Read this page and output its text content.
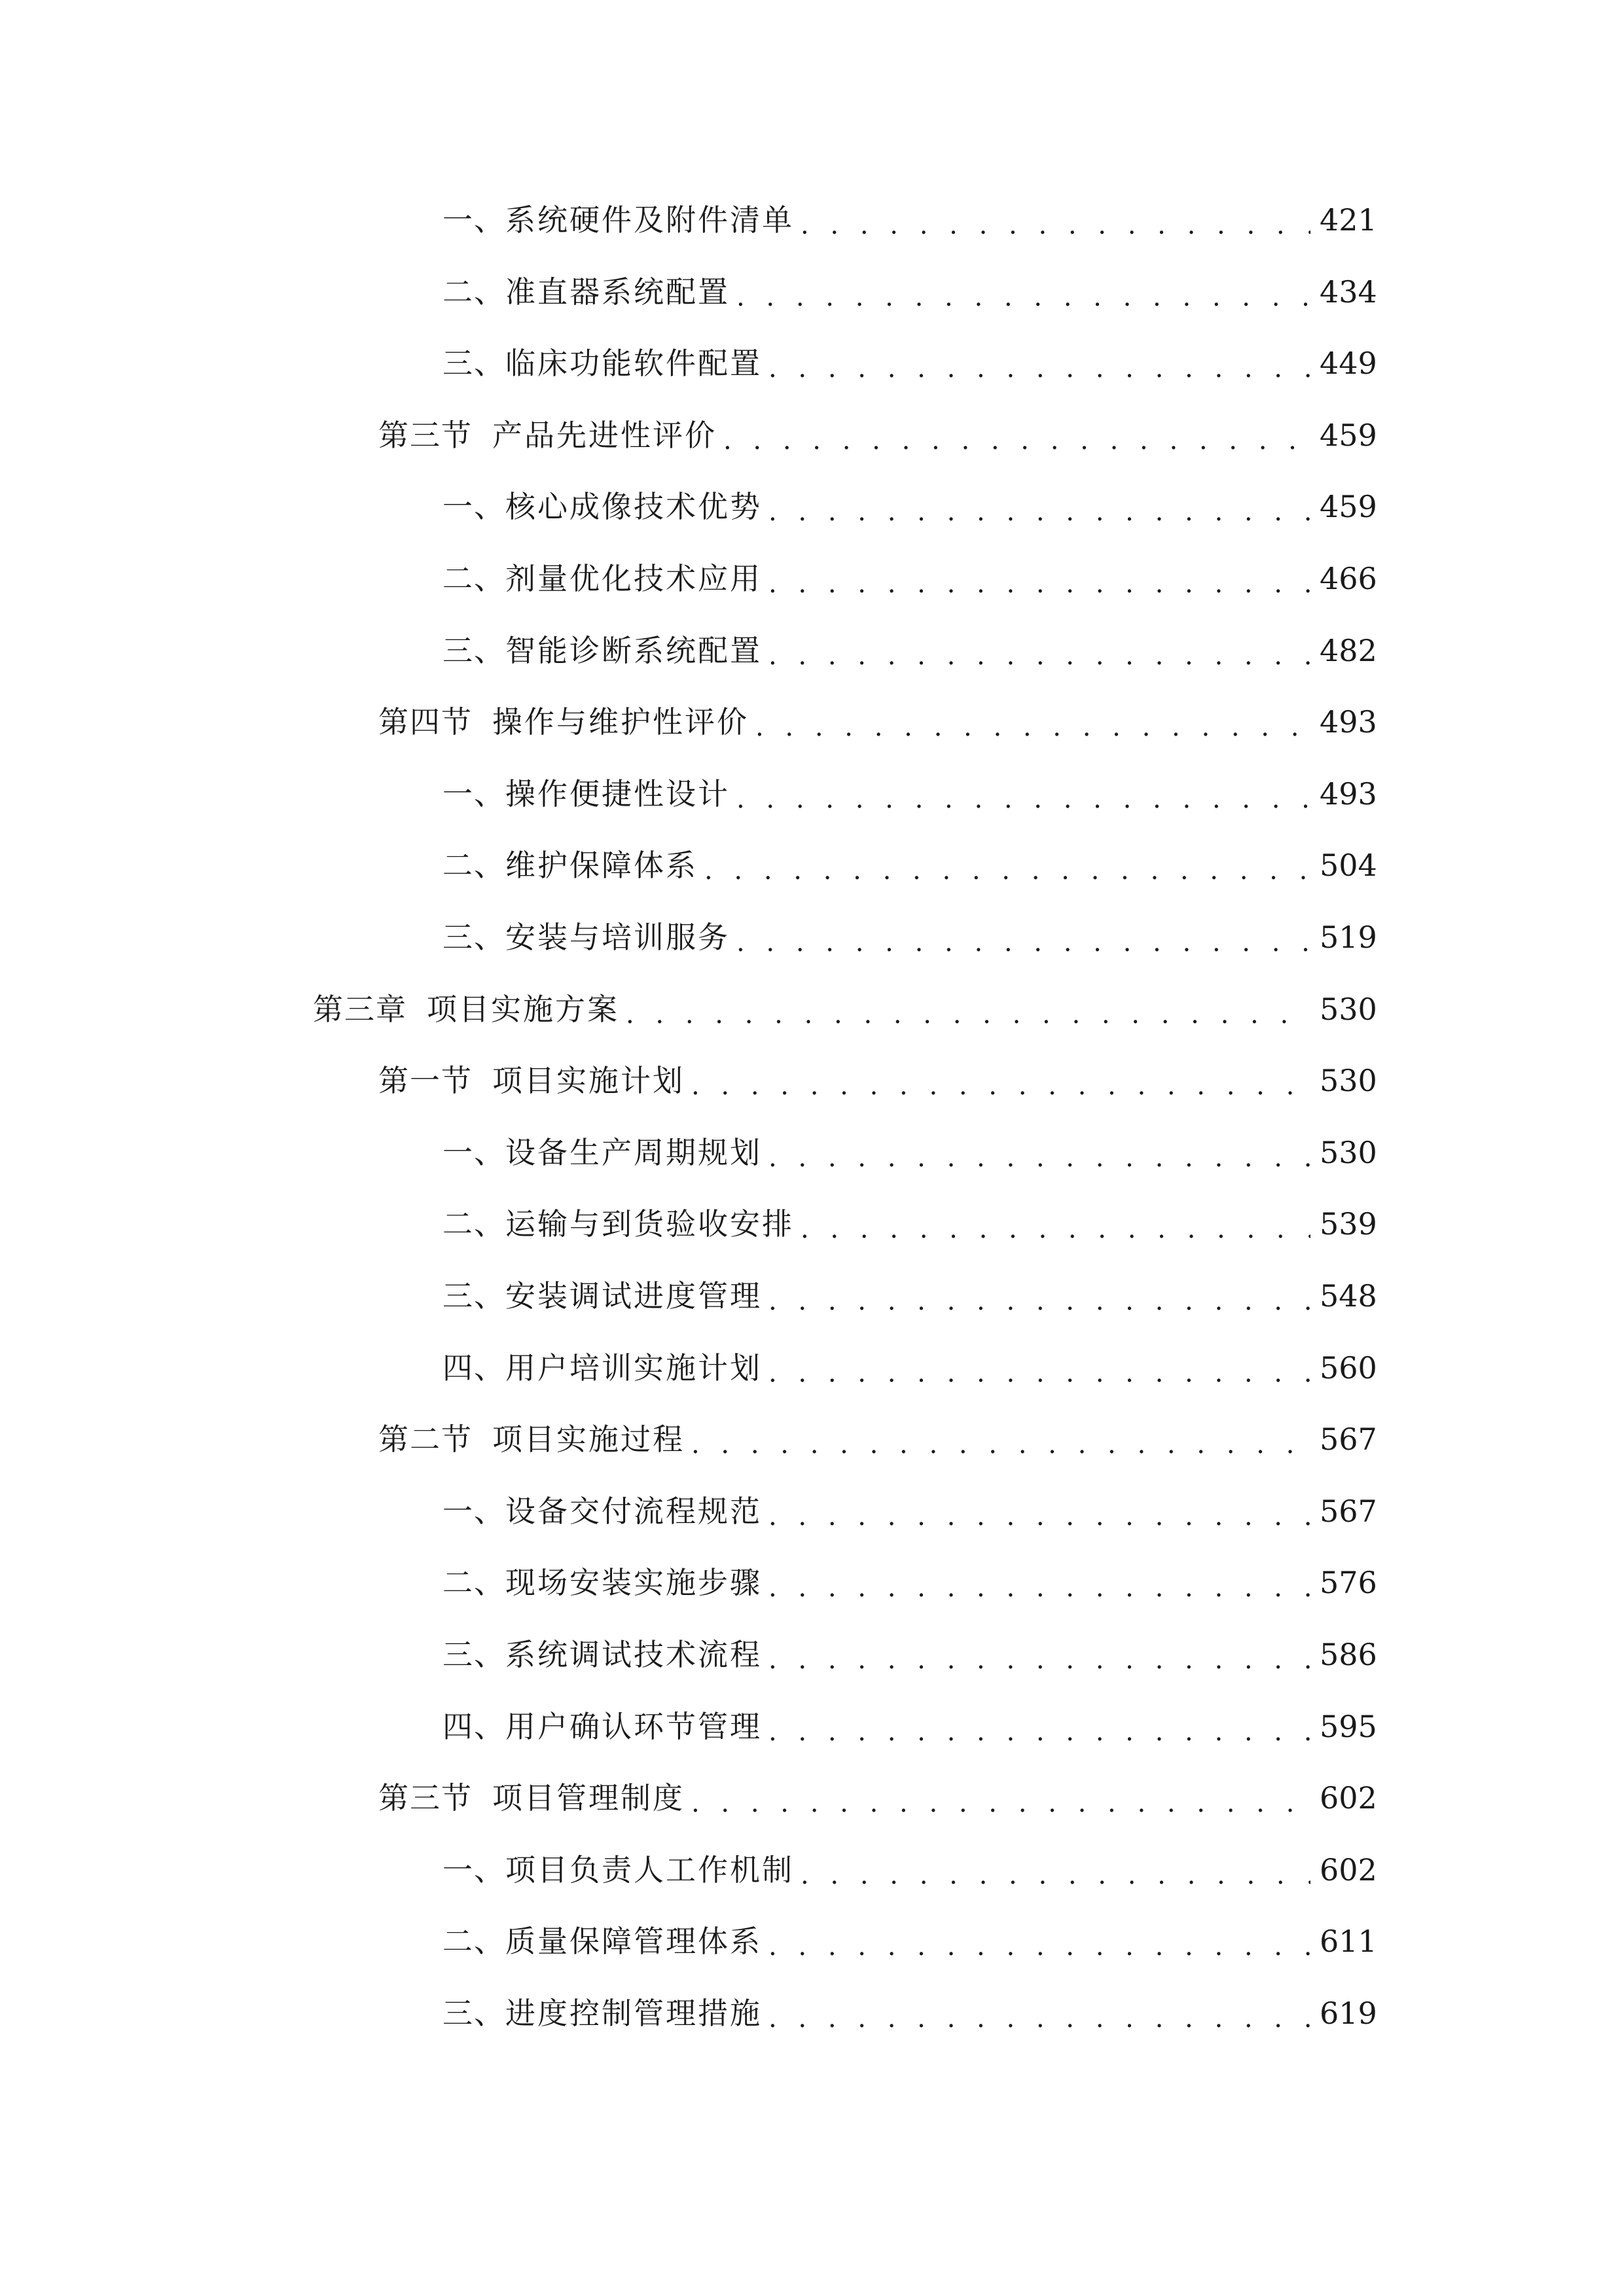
一、 系统硬件及附件清单 . . .	421
二、 准直器系统配置 . . .	434
三、 临床功能软件配置 . . .	449
第三节 产品先进性评价 . . .	459
一、 核心成像技术优势 . . .	459
二、 剂量优化技术应用 . . .	466
三、 智能诊断系统配置 . . .	482
第四节 操作与维护性评价 . . .	493
一、 操作便捷性设计 . . .	493
二、 维护保障体系 . . .	504
三、 安装与培训服务 . . .	519
第三章 项目实施方案 . . .	530
第一节 项目实施计划 . . .	530
一、 设备生产周期规划 . . .	530
二、 运输与到货验收安排 . . .	539
三、 安装调试进度管理 . . .	548
四、 用户培训实施计划 . . .	560
第二节 项目实施过程 . . .	567
一、 设备交付流程规范 . . .	567
二、 现场安装实施步骤 . . .	576
三、 系统调试技术流程 . . .	586
四、 用户确认环节管理 . . .	595
第三节 项目管理制度 . . .	602
一、 项目负责人工作机制 . . .	602
二、 质量保障管理体系 . . .	611
三、 进度控制管理措施 . . .	619
